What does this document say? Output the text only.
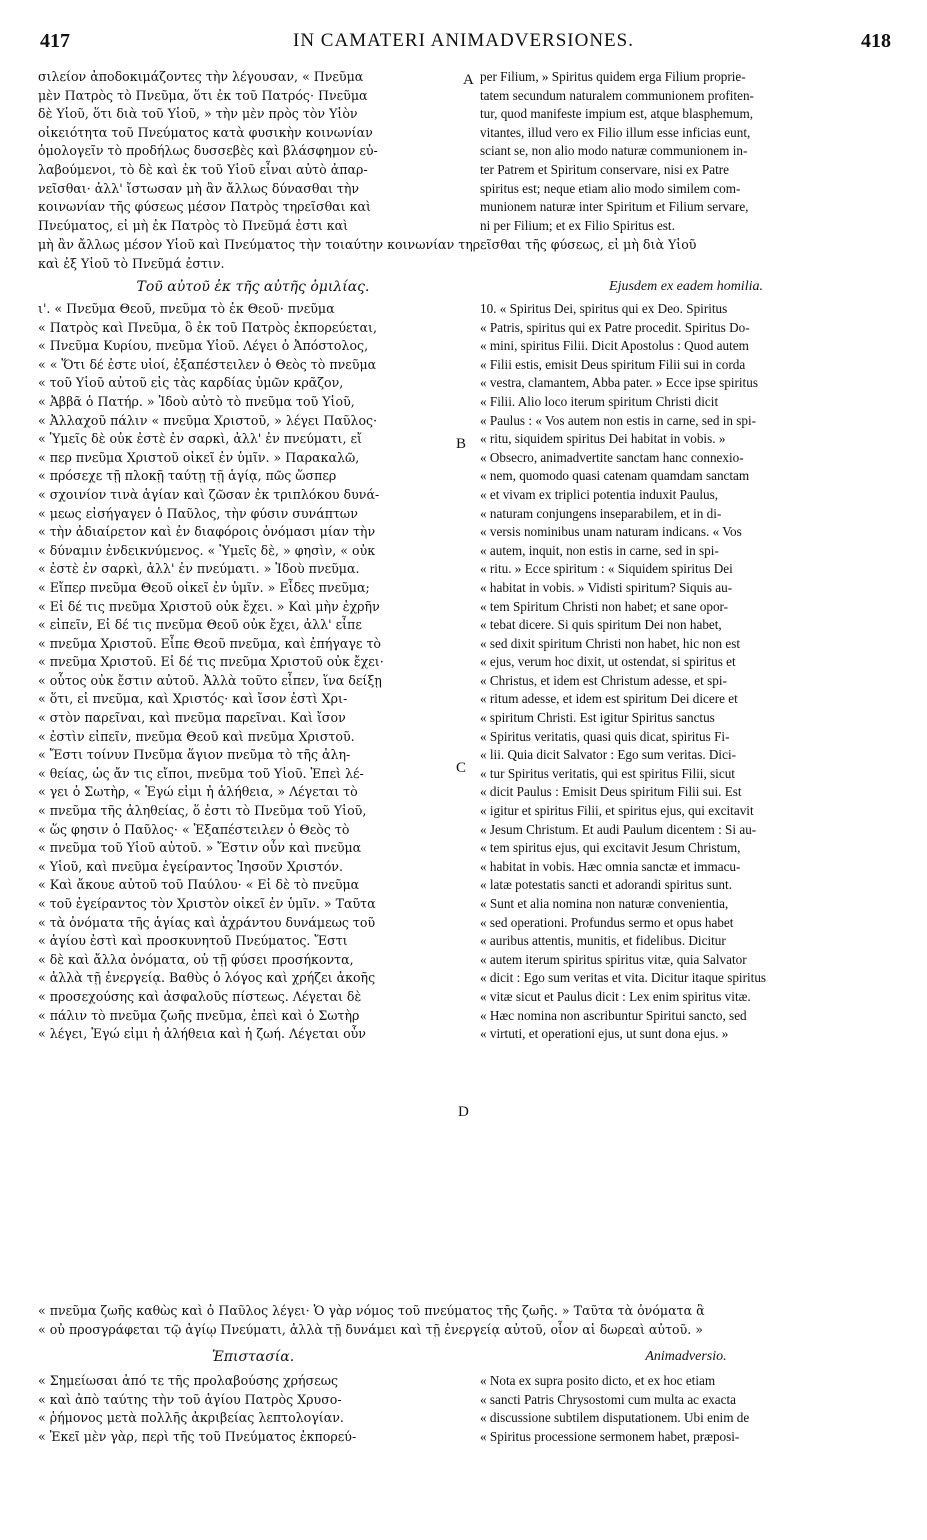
417	IN CAMATERI ANIMADVERSIONES.	418
A
B
C
D
σιλείον ἀποδοκιμάζοντες τὴν λέγουσαν, « Πνεῦμα
μὲν Πατρὸς τὸ Πνεῦμα, ὅτι ἐκ τοῦ Πατρός· Πνεῦμα
δὲ Υἱοῦ, ὅτι διὰ τοῦ Υἱοῦ, » τὴν μὲν πρὸς τὸν Υἱὸν
οἰκειότητα τοῦ Πνεύματος κατὰ φυσικὴν κοινωνίαν
ὁμολογεῖν τὸ προδήλως δυσσεβὲς καὶ βλάσφημον εὐ-
λαβούμενοι, τὸ δὲ καὶ ἐκ τοῦ Υἱοῦ εἶναι αὐτὸ ἀπαρ-
νεῖσθαι· ἀλλ' ἴστωσαν μὴ ἂν ἄλλως δύνασθαι τὴν
κοινωνίαν τῆς φύσεως μέσον Πατρὸς τηρεῖσθαι καὶ
Πνεύματος, εἰ μὴ ἐκ Πατρὸς τὸ Πνεῦμά ἐστι καὶ
per Filium, » Spiritus quidem erga Filium proprie-
tatem secundum naturalem communionem profiten-
tur, quod manifeste impium est, atque blasphemum,
vitantes, illud vero ex Filio illum esse inficias eunt,
sciant se, non alio modo naturæ communionem in-
ter Patrem et Spiritum conservare, nisi ex Patre
spiritus est; neque etiam alio modo similem com-
munionem naturæ inter Spiritum et Filium servare,
ni per Filium; et ex Filio Spiritus est.
μὴ ἂν ἄλλως μέσον Υἱοῦ καὶ Πνεύματος τὴν τοιαύτην κοινωνίαν τηρεῖσθαι τῆς φύσεως, εἰ μὴ διὰ Υἱοῦ
καὶ ἐξ Υἱοῦ τὸ Πνεῦμά ἐστιν.
Τοῦ αὐτοῦ ἐκ τῆς αὐτῆς ὁμιλίας.	Ejusdem ex eadem homilia.
ι'. « Πνεῦμα Θεοῦ, πνεῦμα τὸ ἐκ Θεοῦ· πνεῦμα
« Πατρὸς καὶ Πνεῦμα, ὃ ἐκ τοῦ Πατρὸς ἐκπορεύεται,
« Πνεῦμα Κυρίου, πνεῦμα Υἱοῦ. Λέγει ὁ Ἀπόστολος,
« « Ὅτι δέ ἐστε υἱοί, ἐξαπέστειλεν ὁ Θεὸς τὸ πνεῦμα
« τοῦ Υἱοῦ αὐτοῦ εἰς τὰς καρδίας ὑμῶν κρᾶζον,
« Ἀββᾶ ὁ Πατήρ. » Ἰδοὺ αὐτὸ τὸ πνεῦμα τοῦ Υἱοῦ,
« Ἀλλαχοῦ πάλιν « πνεῦμα Χριστοῦ, » λέγει Παῦλος·
« Ὑμεῖς δὲ οὐκ ἐστὲ ἐν σαρκὶ, ἀλλ' ἐν πνεύματι, εἴ
« περ πνεῦμα Χριστοῦ οἰκεῖ ἐν ὑμῖν. » Παρακαλῶ,
« πρόσεχε τῇ πλοκῇ ταύτῃ τῇ ἁγίᾳ, πῶς ὥσπερ
« σχοινίον τινὰ ἁγίαν καὶ ζῶσαν ἐκ τριπλόκου δυνά-
« μεως εἰσήγαγεν ὁ Παῦλος, τὴν φύσιν συνάπτων
« τὴν ἀδιαίρετον καὶ ἐν διαφόροις ὀνόμασι μίαν τὴν
« δύναμιν ἐνδεικνύμενος. « Ὑμεῖς δὲ, » φησὶν, « οὐκ
« ἐστὲ ἐν σαρκὶ, ἀλλ' ἐν πνεύματι. » Ἰδοὺ πνεῦμα.
« Εἴπερ πνεῦμα Θεοῦ οἰκεῖ ἐν ὑμῖν. » Εἶδες πνεῦμα;
« Εἰ δέ τις πνεῦμα Χριστοῦ οὐκ ἔχει. » Καὶ μὴν ἐχρῆν
« εἰπεῖν, Εἰ δέ τις πνεῦμα Θεοῦ οὐκ ἔχει, ἀλλ' εἶπε
« πνεῦμα Χριστοῦ. Εἶπε Θεοῦ πνεῦμα, καὶ ἐπήγαγε τὸ
« πνεῦμα Χριστοῦ. Εἰ δέ τις πνεῦμα Χριστοῦ οὐκ ἔχει·
« οὗτος οὐκ ἔστιν αὐτοῦ. Ἀλλὰ τοῦτο εἶπεν, ἵνα δείξῃ
« ὅτι, εἰ πνεῦμα, καὶ Χριστός· καὶ ἴσον ἐστὶ Χρι-
« στὸν παρεῖναι, καὶ πνεῦμα παρεῖναι. Καὶ ἴσον
« ἐστὶν εἰπεῖν, πνεῦμα Θεοῦ καὶ πνεῦμα Χριστοῦ.
« Ἔστι τοίνυν Πνεῦμα ἅγιον πνεῦμα τὸ τῆς ἀλη-
« θείας, ὡς ἄν τις εἴποι, πνεῦμα τοῦ Υἱοῦ. Ἐπεὶ λέ-
« γει ὁ Σωτὴρ, « Ἐγώ εἰμι ἡ ἀλήθεια, » Λέγεται τὸ
« πνεῦμα τῆς ἀληθείας, ὅ ἐστι τὸ Πνεῦμα τοῦ Υἱοῦ,
« ὥς φησιν ὁ Παῦλος· « Ἐξαπέστειλεν ὁ Θεὸς τὸ
« πνεῦμα τοῦ Υἱοῦ αὐτοῦ. » Ἔστιν οὖν καὶ πνεῦμα
« Υἱοῦ, καὶ πνεῦμα ἐγείραντος Ἰησοῦν Χριστόν.
« Καὶ ἄκουε αὐτοῦ τοῦ Παύλου· « Εἰ δὲ τὸ πνεῦμα
« τοῦ ἐγείραντος τὸν Χριστὸν οἰκεῖ ἐν ὑμῖν. » Ταῦτα
« τὰ ὀνόματα τῆς ἁγίας καὶ ἀχράντου δυνάμεως τοῦ
« ἁγίου ἐστὶ καὶ προσκυνητοῦ Πνεύματος. Ἔστι
« δὲ καὶ ἄλλα ὀνόματα, οὐ τῇ φύσει προσήκοντα,
« ἀλλὰ τῇ ἐνεργείᾳ. Βαθὺς ὁ λόγος καὶ χρήζει ἀκοῆς
« προσεχούσης καὶ ἀσφαλοῦς πίστεως. Λέγεται δὲ
« πάλιν τὸ πνεῦμα ζωῆς πνεῦμα, ἐπεὶ καὶ ὁ Σωτὴρ
« λέγει, Ἐγώ εἰμι ἡ ἀλήθεια καὶ ἡ ζωή. Λέγεται οὖν
10. « Spiritus Dei, spiritus qui ex Deo. Spiritus
« Patris, spiritus qui ex Patre procedit. Spiritus Do-
« mini, spiritus Filii. Dicit Apostolus : Quod autem
« Filii estis, emisit Deus spiritum Filii sui in corda
« vestra, clamantem, Abba pater. » Ecce ipse spiritus
« Filii. Alio loco iterum spiritum Christi dicit
« Paulus : « Vos autem non estis in carne, sed in spi-
« ritu, siquidem spiritus Dei habitat in vobis. »
« Obsecro, animadvertite sanctam hanc connexio-
« nem, quomodo quasi catenam quamdam sanctam
« et vivam ex triplici potentia induxit Paulus,
« naturam conjungens inseparabilem, et in di-
« versis nominibus unam naturam indicans. « Vos
« autem, inquit, non estis in carne, sed in spi-
« ritu. » Ecce spiritum : « Siquidem spiritus Dei
« habitat in vobis. » Vidisti spiritum? Siquis au-
« tem Spiritum Christi non habet; et sane opor-
« tebat dicere. Si quis spiritum Dei non habet,
« sed dixit spiritum Christi non habet, hic non est
« ejus, verum hoc dixit, ut ostendat, si spiritus et
« Christus, et idem est Christum adesse, et spi-
« ritum adesse, et idem est spiritum Dei dicere et
« spiritum Christi. Est igitur Spiritus sanctus
« Spiritus veritatis, quasi quis dicat, spiritus Fi-
« lii. Quia dicit Salvator : Ego sum veritas. Dici-
« tur Spiritus veritatis, qui est spiritus Filii, sicut
« dicit Paulus : Emisit Deus spiritum Filii sui. Est
« igitur et spiritus Filii, et spiritus ejus, qui excitavit
« Jesum Christum. Et audi Paulum dicentem : Si au-
« tem spiritus ejus, qui excitavit Jesum Christum,
« habitat in vobis. Hæc omnia sanctæ et immacu-
« latæ potestatis sancti et adorandi spiritus sunt.
« Sunt et alia nomina non naturæ convenientia,
« sed operationi. Profundus sermo et opus habet
« auribus attentis, munitis, et fidelibus. Dicitur
« autem iterum spiritus spiritus vitæ, quia Salvator
« dicit : Ego sum veritas et vita. Dicitur itaque spiritus
« vitæ sicut et Paulus dicit : Lex enim spiritus vitæ.
« Hæc nomina non ascribuntur Spiritui sancto, sed
« virtuti, et operationi ejus, ut sunt dona ejus. »
« πνεῦμα ζωῆς καθὼς καὶ ὁ Παῦλος λέγει· Ὁ γὰρ νόμος τοῦ πνεύματος τῆς ζωῆς. » Ταῦτα τὰ ὀνόματα ἃ
« οὐ προσγράφεται τῷ ἁγίῳ Πνεύματι, ἀλλὰ τῇ δυνάμει καὶ τῇ ἐνεργείᾳ αὐτοῦ, οἷον αἱ δωρεαὶ αὐτοῦ. »
Ἐπιστασία.	Animadversio.
« Σημείωσαι ἀπό τε τῆς προλαβούσης χρήσεως
« καὶ ἀπὸ ταύτης τὴν τοῦ ἁγίου Πατρὸς Χρυσο-
« ῥήμονος μετὰ πολλῆς ἀκριβείας λεπτολογίαν.
« Ἐκεῖ μὲν γὰρ, περὶ τῆς τοῦ Πνεύματος ἐκπορεύ-
« Nota ex supra posito dicto, et ex hoc etiam
« sancti Patris Chrysostomi cum multa ac exacta
« discussione subtilem disputationem. Ubi enim de
« Spiritus processione sermonem habet, præposi-
